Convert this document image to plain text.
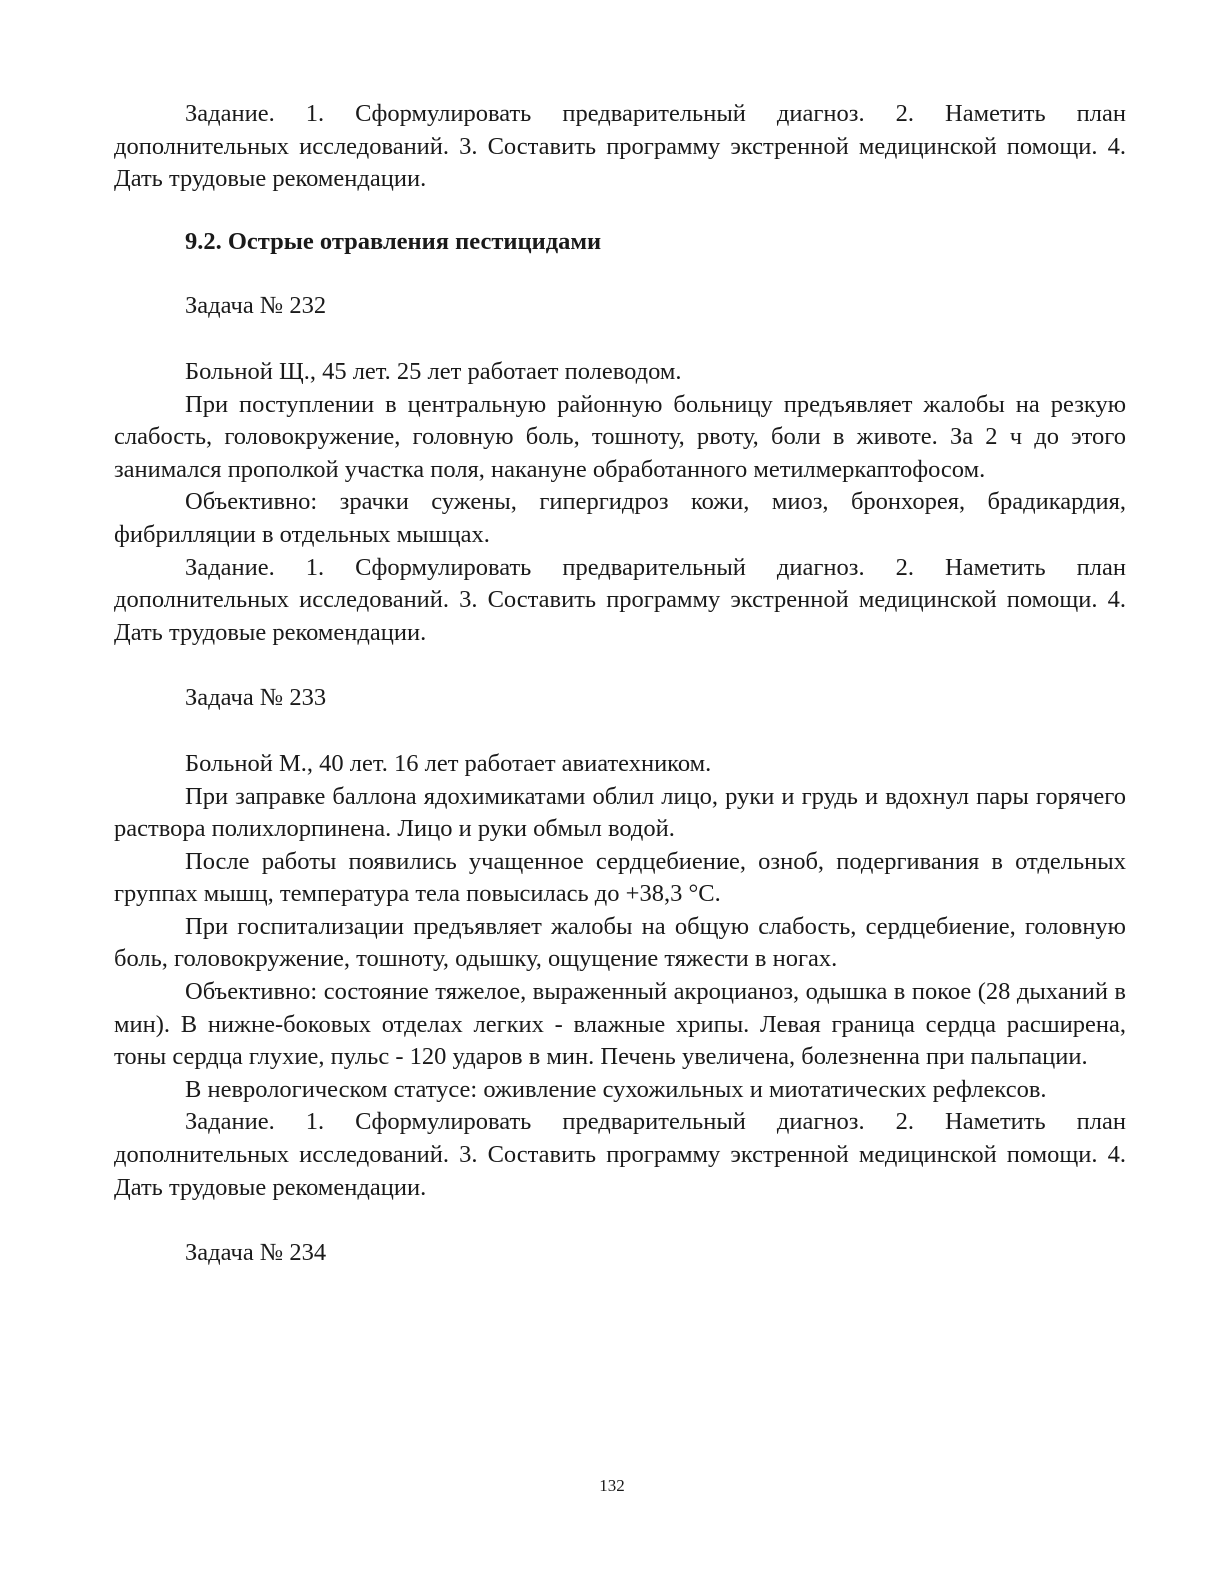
Задание. 1. Сформулировать предварительный диагноз. 2. Наметить план дополнительных исследований. 3. Составить программу экстренной медицинской помощи. 4. Дать трудовые рекомендации.

9.2. Острые отравления пестицидами

Задача № 232

Больной Щ., 45 лет. 25 лет работает полеводом.

При поступлении в центральную районную больницу предъявляет жалобы на резкую слабость, головокружение, головную боль, тошноту, рвоту, боли в животе. За 2 ч до этого занимался прополкой участка поля, накануне обработанного метилмеркаптофосом.

Объективно: зрачки сужены, гипергидроз кожи, миоз, бронхорея, брадикардия, фибрилляции в отдельных мышцах.

Задание. 1. Сформулировать предварительный диагноз. 2. Наметить план дополнительных исследований. 3. Составить программу экстренной медицинской помощи. 4. Дать трудовые рекомендации.

Задача № 233

Больной М., 40 лет. 16 лет работает авиатехником.

При заправке баллона ядохимикатами облил лицо, руки и грудь и вдохнул пары горячего раствора полихлорпинена. Лицо и руки обмыл водой.

После работы появились учащенное сердцебиение, озноб, подергивания в отдельных группах мышц, температура тела повысилась до +38,3 °С.

При госпитализации предъявляет жалобы на общую слабость, сердцебиение, головную боль, головокружение, тошноту, одышку, ощущение тяжести в ногах.

Объективно: состояние тяжелое, выраженный акроцианоз, одышка в покое (28 дыханий в мин). В нижне-боковых отделах легких - влажные хрипы. Левая граница сердца расширена, тоны сердца глухие, пульс - 120 ударов в мин. Печень увеличена, болезненна при пальпации.

В неврологическом статусе: оживление сухожильных и миотатических рефлексов.

Задание. 1. Сформулировать предварительный диагноз. 2. Наметить план дополнительных исследований. 3. Составить программу экстренной медицинской помощи. 4. Дать трудовые рекомендации.

Задача № 234

132
